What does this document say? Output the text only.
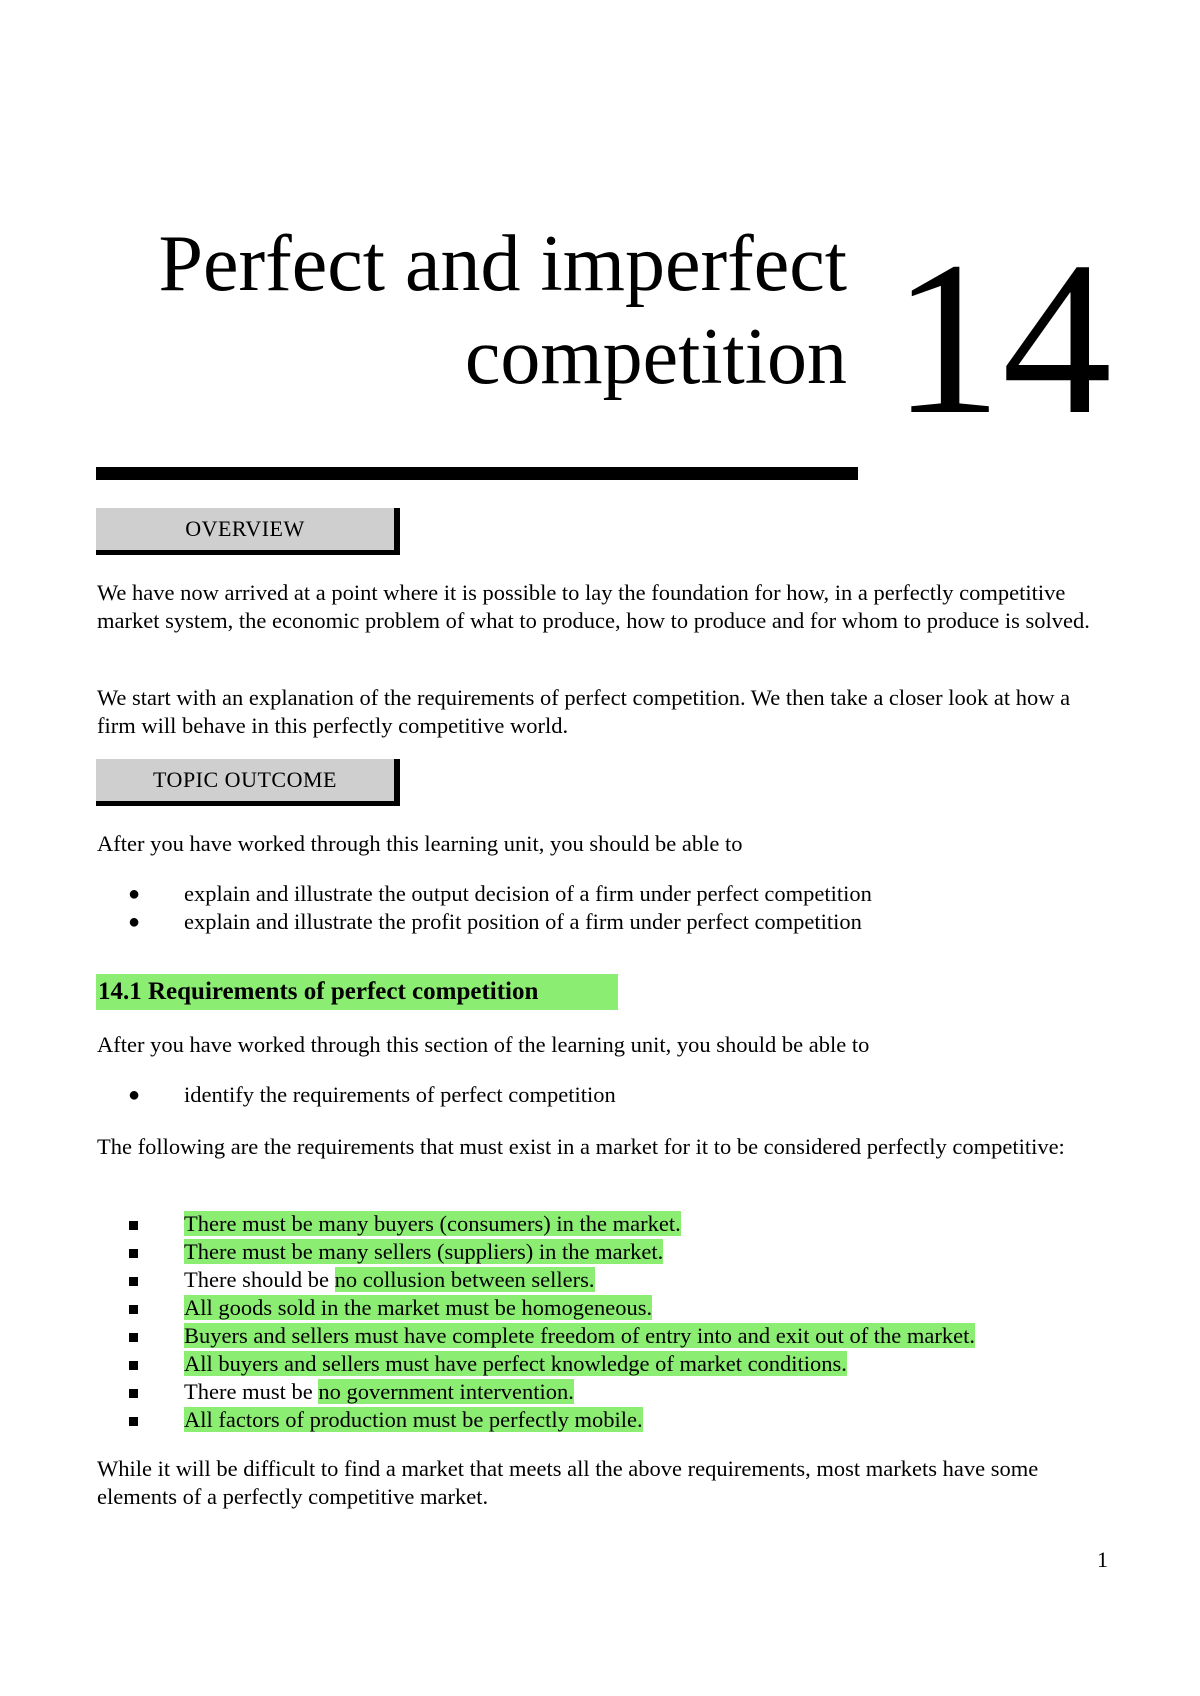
Perfect and imperfect
competition 14
OVERVIEW

We have now arrived at a point where it is possible to lay the foundation for how, in a perfectly competitive market system, the economic problem of what to produce, how to produce and for whom to produce is solved.

We start with an explanation of the requirements of perfect competition. We then take a closer look at how a firm will behave in this perfectly competitive world.

TOPIC OUTCOME

After you have worked through this learning unit, you should be able to

● explain and illustrate the output decision of a firm under perfect competition
● explain and illustrate the profit position of a firm under perfect competition
14.1 Requirements of perfect competition

After you have worked through this section of the learning unit, you should be able to

● identify the requirements of perfect competition

The following are the requirements that must exist in a market for it to be considered perfectly competitive:

There must be many buyers (consumers) in the market.
There must be many sellers (suppliers) in the market.
There should be no collusion between sellers.
All goods sold in the market must be homogeneous.
Buyers and sellers must have complete freedom of entry into and exit out of the market.
All buyers and sellers must have perfect knowledge of market conditions.
There must be no government intervention.
All factors of production must be perfectly mobile.

While it will be difficult to find a market that meets all the above requirements, most markets have some elements of a perfectly competitive market.

1
